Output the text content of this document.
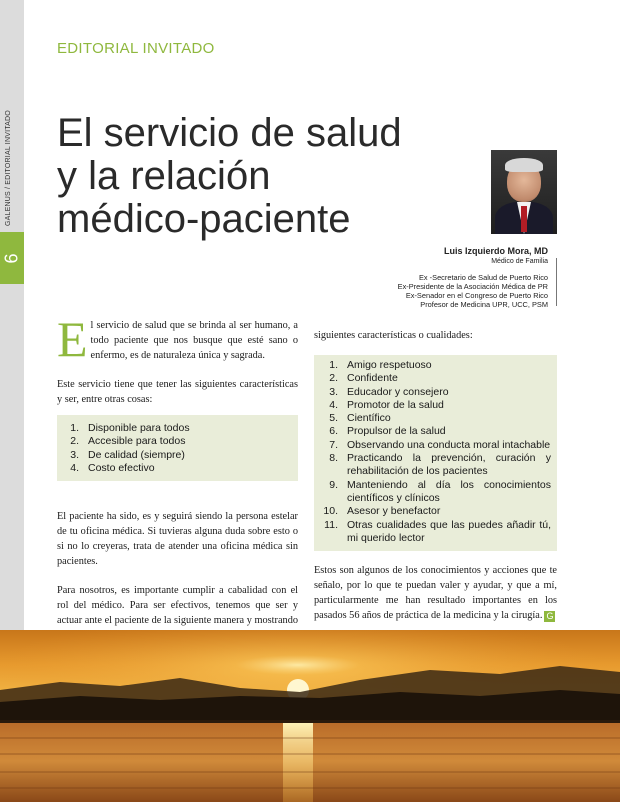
GALENUS / EDITORIAL INVITADO
6
EDITORIAL INVITADO
El servicio de salud
y la relación
médico-paciente
Luis Izquierdo Mora, MD
Médico de Familia
Ex -Secretario de Salud de Puerto Rico
Ex-Presidente de la Asociación Médica de PR
Ex-Senador en el Congreso de Puerto Rico
Profesor de Medicina UPR, UCC, PSM

El servicio de salud que se brinda al ser humano, a todo paciente que nos busque que esté sano o enfermo, es de naturaleza única y sagrada.

Este servicio tiene que tener las siguientes características y ser, entre otras cosas:

1. Disponible para todos
2. Accesible para todos
3. De calidad (siempre)
4. Costo efectivo

El paciente ha sido, es y seguirá siendo la persona estelar de tu oficina médica. Si tuvieras alguna duda sobre esto o si no lo creyeras, trata de atender una oficina médica sin pacientes.

Para nosotros, es importante cumplir a cabalidad con el rol del médico. Para ser efectivos, tenemos que ser y actuar ante el paciente de la siguiente manera y mostrando

siguientes características o cualidades:

1. Amigo respetuoso
2. Confidente
3. Educador y consejero
4. Promotor de la salud
5. Científico
6. Propulsor de la salud
7. Observando una conducta moral intachable
8. Practicando la prevención, curación y rehabilitación de los pacientes
9. Manteniendo al día los conocimientos científicos y clínicos
10. Asesor y benefactor
11. Otras cualidades que las puedes añadir tú, mi querido lector

Estos son algunos de los conocimientos y acciones que te señalo, por lo que te puedan valer y ayudar, y que a mí, particularmente me han resultado importantes en los pasados 56 años de práctica de la medicina y la cirugía. G
